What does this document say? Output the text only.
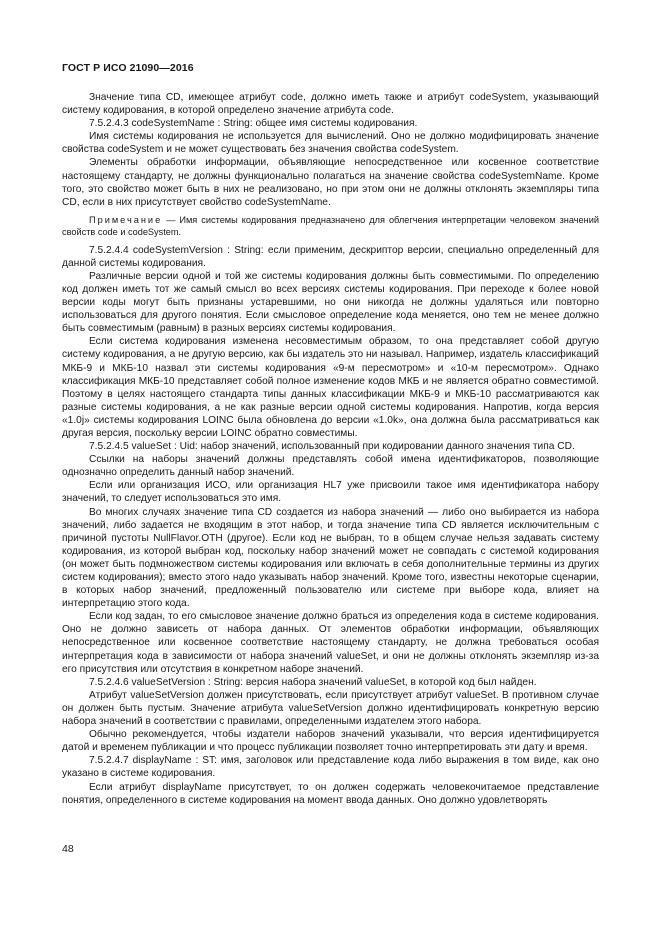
ГОСТ Р ИСО 21090—2016

Значение типа CD, имеющее атрибут code, должно иметь также и атрибут codeSystem, указывающий систему кодирования, в которой определено значение атрибута code.

7.5.2.4.3 codeSystemName : String: общее имя системы кодирования.

Имя системы кодирования не используется для вычислений. Оно не должно модифицировать значение свойства codeSystem и не может существовать без значения свойства codeSystem.

Элементы обработки информации, объявляющие непосредственное или косвенное соответствие настоящему стандарту, не должны функционально полагаться на значение свойства codeSystemName. Кроме того, это свойство может быть в них не реализовано, но при этом они не должны отклонять экземпляры типа CD, если в них присутствует свойство codeSystemName.

Примечание — Имя системы кодирования предназначено для облегчения интерпретации человеком значений свойств code и codeSystem.

7.5.2.4.4 codeSystemVersion : String: если применим, дескриптор версии, специально определенный для данной системы кодирования.

Различные версии одной и той же системы кодирования должны быть совместимыми. По определению код должен иметь тот же самый смысл во всех версиях системы кодирования. При переходе к более новой версии коды могут быть признаны устаревшими, но они никогда не должны удаляться или повторно использоваться для другого понятия. Если смысловое определение кода меняется, оно тем не менее должно быть совместимым (равным) в разных версиях системы кодирования.

Если система кодирования изменена несовместимым образом, то она представляет собой другую систему кодирования, а не другую версию, как бы издатель это ни называл. Например, издатель классификаций МКБ-9 и МКБ-10 назвал эти системы кодирования «9-м пересмотром» и «10-м пересмотром». Однако классификация МКБ-10 представляет собой полное изменение кодов МКБ и не является обратно совместимой. Поэтому в целях настоящего стандарта типы данных классификации МКБ-9 и МКБ-10 рассматриваются как разные системы кодирования, а не как разные версии одной системы кодирования. Напротив, когда версия «1.0j» системы кодирования LOINC была обновлена до версии «1.0k», она должна была рассматриваться как другая версия, поскольку версии LOINC обратно совместимы.

7.5.2.4.5 valueSet : Uid: набор значений, использованный при кодировании данного значения типа CD.

Ссылки на наборы значений должны представлять собой имена идентификаторов, позволяющие однозначно определить данный набор значений.

Если или организация ИСО, или организация HL7 уже присвоили такое имя идентификатора набору значений, то следует использоваться это имя.

Во многих случаях значение типа CD создается из набора значений — либо оно выбирается из набора значений, либо задается не входящим в этот набор, и тогда значение типа CD является исключительным с причиной пустоты NullFlavor.OTH (другое). Если код не выбран, то в общем случае нельзя задавать систему кодирования, из которой выбран код, поскольку набор значений может не совпадать с системой кодирования (он может быть подмножеством системы кодирования или включать в себя дополнительные термины из других систем кодирования); вместо этого надо указывать набор значений. Кроме того, известны некоторые сценарии, в которых набор значений, предложенный пользователю или системе при выборе кода, влияет на интерпретацию этого кода.

Если код задан, то его смысловое значение должно браться из определения кода в системе кодирования. Оно не должно зависеть от набора данных. От элементов обработки информации, объявляющих непосредственное или косвенное соответствие настоящему стандарту, не должна требоваться особая интерпретация кода в зависимости от набора значений valueSet, и они не должны отклонять экземпляр из-за его присутствия или отсутствия в конкретном наборе значений.

7.5.2.4.6 valueSetVersion : String: версия набора значений valueSet, в которой код был найден.

Атрибут valueSetVersion должен присутствовать, если присутствует атрибут valueSet. В противном случае он должен быть пустым. Значение атрибута valueSetVersion должно идентифицировать конкретную версию набора значений в соответствии с правилами, определенными издателем этого набора.

Обычно рекомендуется, чтобы издатели наборов значений указывали, что версия идентифицируется датой и временем публикации и что процесс публикации позволяет точно интерпретировать эти дату и время.

7.5.2.4.7 displayName : ST: имя, заголовок или представление кода либо выражения в том виде, как оно указано в системе кодирования.

Если атрибут displayName присутствует, то он должен содержать человекочитаемое представление понятия, определенного в системе кодирования на момент ввода данных. Оно должно удовлетворять

48
